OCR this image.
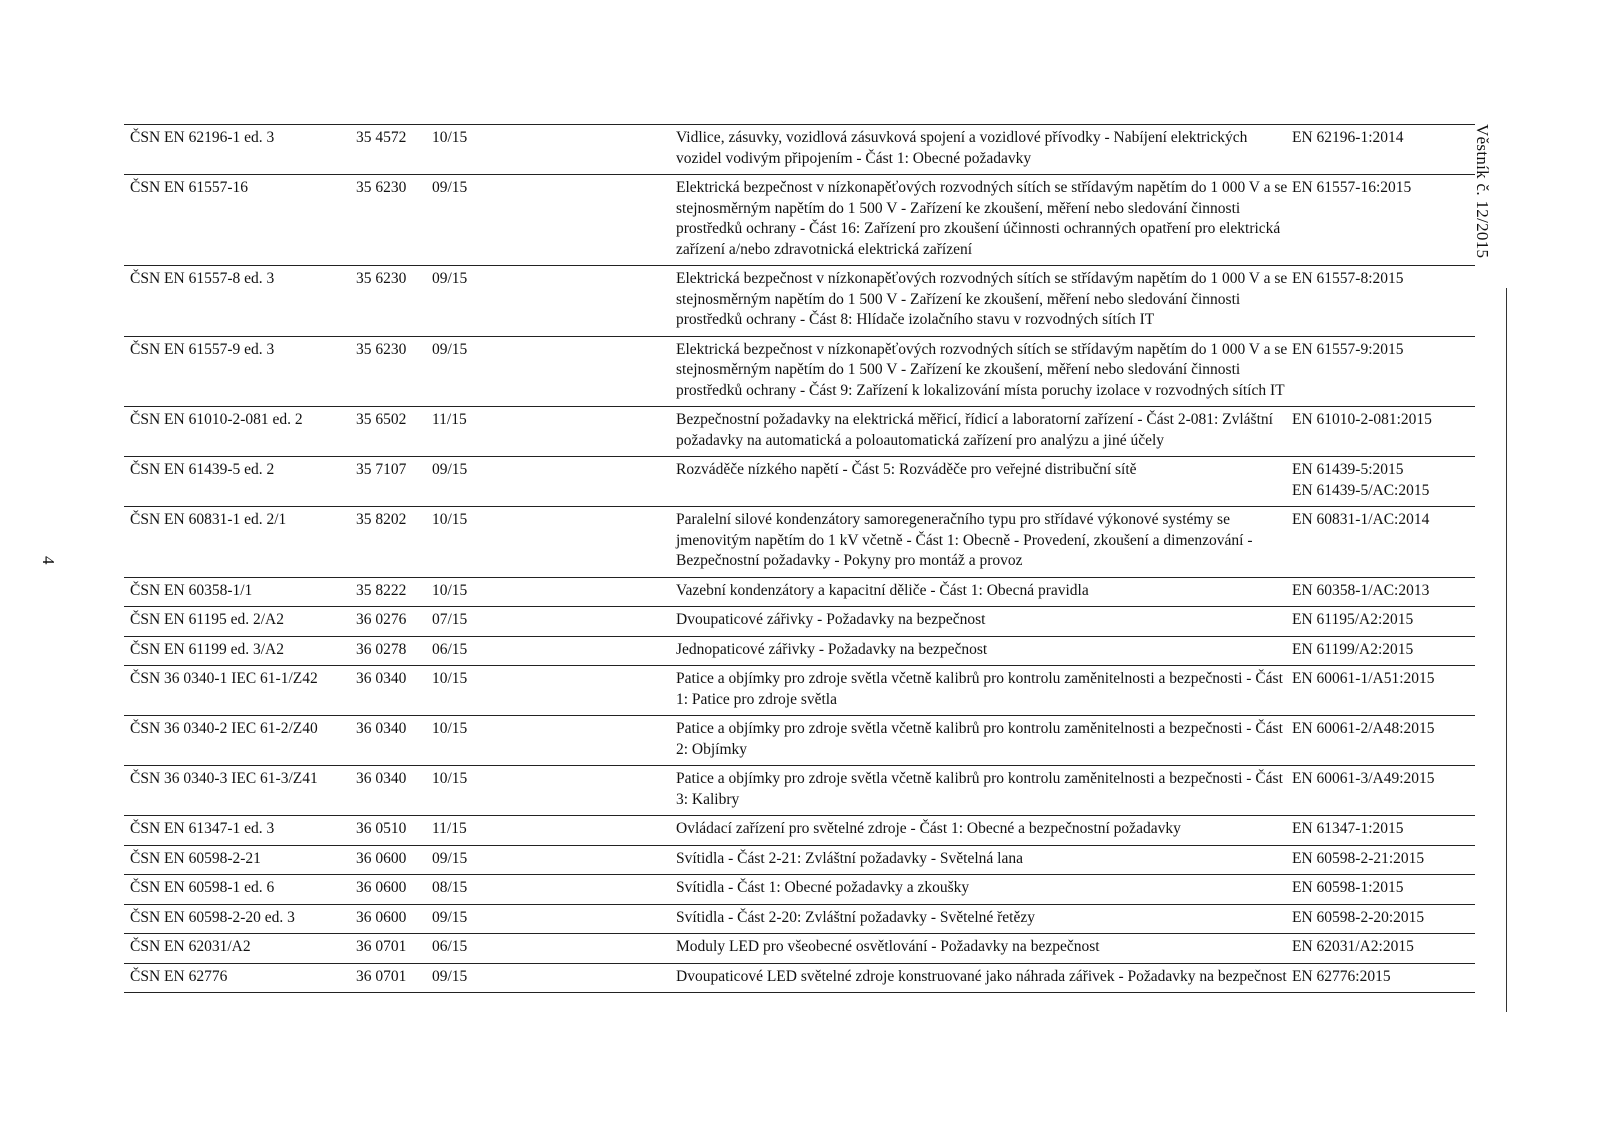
4
ČSN EN 62196-1 ed. 3	35 4572	10/15	Vidlice, zásuvky, vozidlová zásuvková spojení a vozidlové přívodky - Nabíjení elektrických vozidel vodivým připojením - Část 1: Obecné požadavky	EN 62196-1:2014

ČSN EN 61557-16	35 6230	09/15	Elektrická bezpečnost v nízkonapěťových rozvodných sítích se střídavým napětím do 1 000 V a se stejnosměrným napětím do 1 500 V - Zařízení ke zkoušení, měření nebo sledování činnosti prostředků ochrany - Část 16: Zařízení pro zkoušení účinnosti ochranných opatření pro elektrická zařízení a/nebo zdravotnická elektrická zařízení	EN 61557-16:2015

ČSN EN 61557-8 ed. 3	35 6230	09/15	Elektrická bezpečnost v nízkonapěťových rozvodných sítích se střídavým napětím do 1 000 V a se stejnosměrným napětím do 1 500 V - Zařízení ke zkoušení, měření nebo sledování činnosti prostředků ochrany - Část 8: Hlídače izolačního stavu v rozvodných sítích IT	EN 61557-8:2015

ČSN EN 61557-9 ed. 3	35 6230	09/15	Elektrická bezpečnost v nízkonapěťových rozvodných sítích se střídavým napětím do 1 000 V a se stejnosměrným napětím do 1 500 V - Zařízení ke zkoušení, měření nebo sledování činnosti prostředků ochrany - Část 9: Zařízení k lokalizování místa poruchy izolace v rozvodných sítích IT	EN 61557-9:2015

ČSN EN 61010-2-081 ed. 2	35 6502	11/15	Bezpečnostní požadavky na elektrická měřicí, řídicí a laboratorní zařízení - Část 2-081: Zvláštní požadavky na automatická a poloautomatická zařízení pro analýzu a jiné účely	EN 61010-2-081:2015

ČSN EN 61439-5 ed. 2	35 7107	09/15	Rozváděče nízkého napětí - Část 5: Rozváděče pro veřejné distribuční sítě	EN 61439-5:2015
EN 61439-5/AC:2015

ČSN EN 60831-1 ed. 2/1	35 8202	10/15	Paralelní silové kondenzátory samoregeneračního typu pro střídavé výkonové systémy se jmenovitým napětím do 1 kV včetně - Část 1: Obecně - Provedení, zkoušení a dimenzování - Bezpečnostní požadavky - Pokyny pro montáž a provoz	EN 60831-1/AC:2014

ČSN EN 60358-1/1	35 8222	10/15	Vazební kondenzátory a kapacitní děliče - Část 1: Obecná pravidla	EN 60358-1/AC:2013

ČSN EN 61195 ed. 2/A2	36 0276	07/15	Dvoupaticové zářivky - Požadavky na bezpečnost	EN 61195/A2:2015

ČSN EN 61199 ed. 3/A2	36 0278	06/15	Jednopaticové zářivky - Požadavky na bezpečnost	EN 61199/A2:2015

ČSN 36 0340-1 IEC 61-1/Z42	36 0340	10/15	Patice a objímky pro zdroje světla včetně kalibrů pro kontrolu zaměnitelnosti a bezpečnosti - Část 1: Patice pro zdroje světla	EN 60061-1/A51:2015

ČSN 36 0340-2 IEC 61-2/Z40	36 0340	10/15	Patice a objímky pro zdroje světla včetně kalibrů pro kontrolu zaměnitelnosti a bezpečnosti - Část 2: Objímky	EN 60061-2/A48:2015

ČSN 36 0340-3 IEC 61-3/Z41	36 0340	10/15	Patice a objímky pro zdroje světla včetně kalibrů pro kontrolu zaměnitelnosti a bezpečnosti - Část 3: Kalibry	EN 60061-3/A49:2015

ČSN EN 61347-1 ed. 3	36 0510	11/15	Ovládací zařízení pro světelné zdroje - Část 1: Obecné a bezpečnostní požadavky	EN 61347-1:2015

ČSN EN 60598-2-21	36 0600	09/15	Svítidla - Část 2-21: Zvláštní požadavky - Světelná lana	EN 60598-2-21:2015

ČSN EN 60598-1 ed. 6	36 0600	08/15	Svítidla - Část 1: Obecné požadavky a zkoušky	EN 60598-1:2015

ČSN EN 60598-2-20 ed. 3	36 0600	09/15	Svítidla - Část 2-20: Zvláštní požadavky - Světelné řetězy	EN 60598-2-20:2015

ČSN EN 62031/A2	36 0701	06/15	Moduly LED pro všeobecné osvětlování - Požadavky na bezpečnost	EN 62031/A2:2015

ČSN EN 62776	36 0701	09/15	Dvoupaticové LED světelné zdroje konstruované jako náhrada zářivek - Požadavky na bezpečnost	EN 62776:2015
Věstník č. 12/2015
